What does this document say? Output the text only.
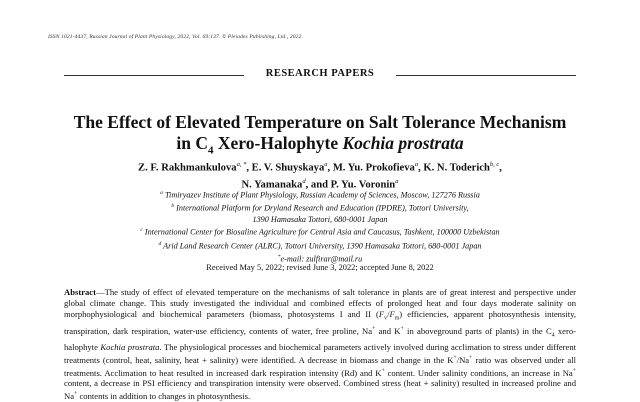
ISSN 1021-4437, Russian Journal of Plant Physiology, 2022, Vol. 69:137. © Pleiades Publishing, Ltd., 2022.
RESEARCH PAPERS
The Effect of Elevated Temperature on Salt Tolerance Mechanism
in $C_4$ Xero-Halophyte Kochia prostrata
Z. F. Rakhmankulova$^{a, *}$, E. V. Shuyskaya$^a$, M. Yu. Prokofieva$^a$, K. N. Toderich$^{b, c}$,
N. Yamanaka$^d$, and P. Yu. Voronin$^a$
$^a$ Timiryazev Institute of Plant Physiology, Russian Academy of Sciences, Moscow, 127276 Russia
$^b$ International Platform for Dryland Research and Education (IPDRE), Tottori University,
1390 Hamasaka Tottori, 680-0001 Japan
$^c$ International Center for Biosaline Agriculture for Central Asia and Caucasus, Tashkent, 100000 Uzbekistan
$^d$ Arid Land Research Center (ALRC), Tottori University, 1390 Hamasaka Tottori, 680-0001 Japan
*e-mail: zulfirar@mail.ru
Received May 5, 2022; revised June 3, 2022; accepted June 8, 2022
Abstract—The study of effect of elevated temperature on the mechanisms of salt tolerance in plants are of great interest and perspective under global climate change. This study investigated the individual and combined effects of prolonged heat and four days moderate salinity on morphophysiological and biochemical parameters (biomass, photosystems I and II $(F_v/F_m)$ efficiencies, apparent photosynthesis intensity, transpiration, dark respiration, water-use efficiency, contents of water, free proline, Na+ and K+ in aboveground parts of plants) in the $C_4$ xero-halophyte Kochia prostrata. The physiological processes and biochemical parameters actively involved during acclimation to stress under different treatments (control, heat, salinity, heat + salinity) were identified. A decrease in biomass and change in the K+/Na+ ratio was observed under all treatments. Acclimation to heat resulted in increased dark respiration intensity (Rd) and K+ content. Under salinity conditions, an increase in Na+ content, a decrease in PSI efficiency and transpiration intensity were observed. Combined stress (heat + salinity) resulted in increased proline and Na+ contents in addition to changes in photosynthesis.
